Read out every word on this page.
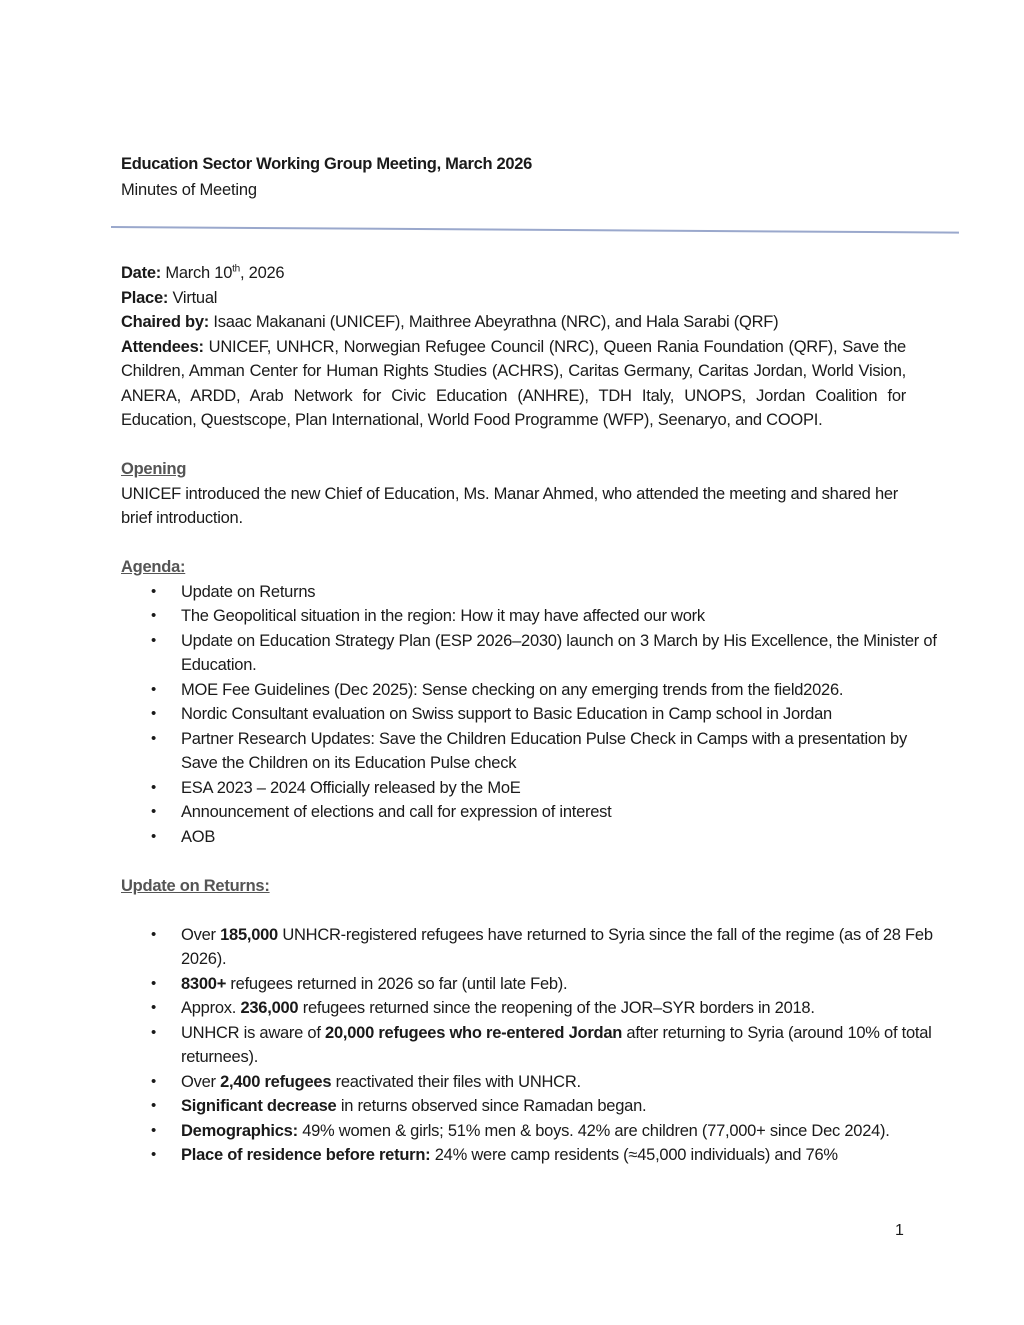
Education Sector Working Group Meeting, March 2026
Minutes of Meeting
Date: March 10th, 2026
Place: Virtual
Chaired by: Isaac Makanani (UNICEF), Maithree Abeyrathna (NRC), and Hala Sarabi (QRF)
Attendees: UNICEF, UNHCR, Norwegian Refugee Council (NRC), Queen Rania Foundation (QRF), Save the Children, Amman Center for Human Rights Studies (ACHRS), Caritas Germany, Caritas Jordan, World Vision, ANERA, ARDD, Arab Network for Civic Education (ANHRE), TDH Italy, UNOPS, Jordan Coalition for Education, Questscope, Plan International, World Food Programme (WFP), Seenaryo, and COOPI.
Opening
UNICEF introduced the new Chief of Education, Ms. Manar Ahmed, who attended the meeting and shared her brief introduction.
Agenda:
• Update on Returns
• The Geopolitical situation in the region: How it may have affected our work
• Update on Education Strategy Plan (ESP 2026–2030) launch on 3 March by His Excellence, the Minister of Education.
• MOE Fee Guidelines (Dec 2025): Sense checking on any emerging trends from the field2026.
• Nordic Consultant evaluation on Swiss support to Basic Education in Camp school in Jordan
• Partner Research Updates: Save the Children Education Pulse Check in Camps with a presentation by Save the Children on its Education Pulse check
• ESA 2023 – 2024 Officially released by the MoE
• Announcement of elections and call for expression of interest
• AOB
Update on Returns:
• Over 185,000 UNHCR-registered refugees have returned to Syria since the fall of the regime (as of 28 Feb 2026).
• 8300+ refugees returned in 2026 so far (until late Feb).
• Approx. 236,000 refugees returned since the reopening of the JOR–SYR borders in 2018.
• UNHCR is aware of 20,000 refugees who re-entered Jordan after returning to Syria (around 10% of total returnees).
• Over 2,400 refugees reactivated their files with UNHCR.
• Significant decrease in returns observed since Ramadan began.
• Demographics: 49% women & girls; 51% men & boys. 42% are children (77,000+ since Dec 2024).
• Place of residence before return: 24% were camp residents (≈45,000 individuals) and 76%
1
